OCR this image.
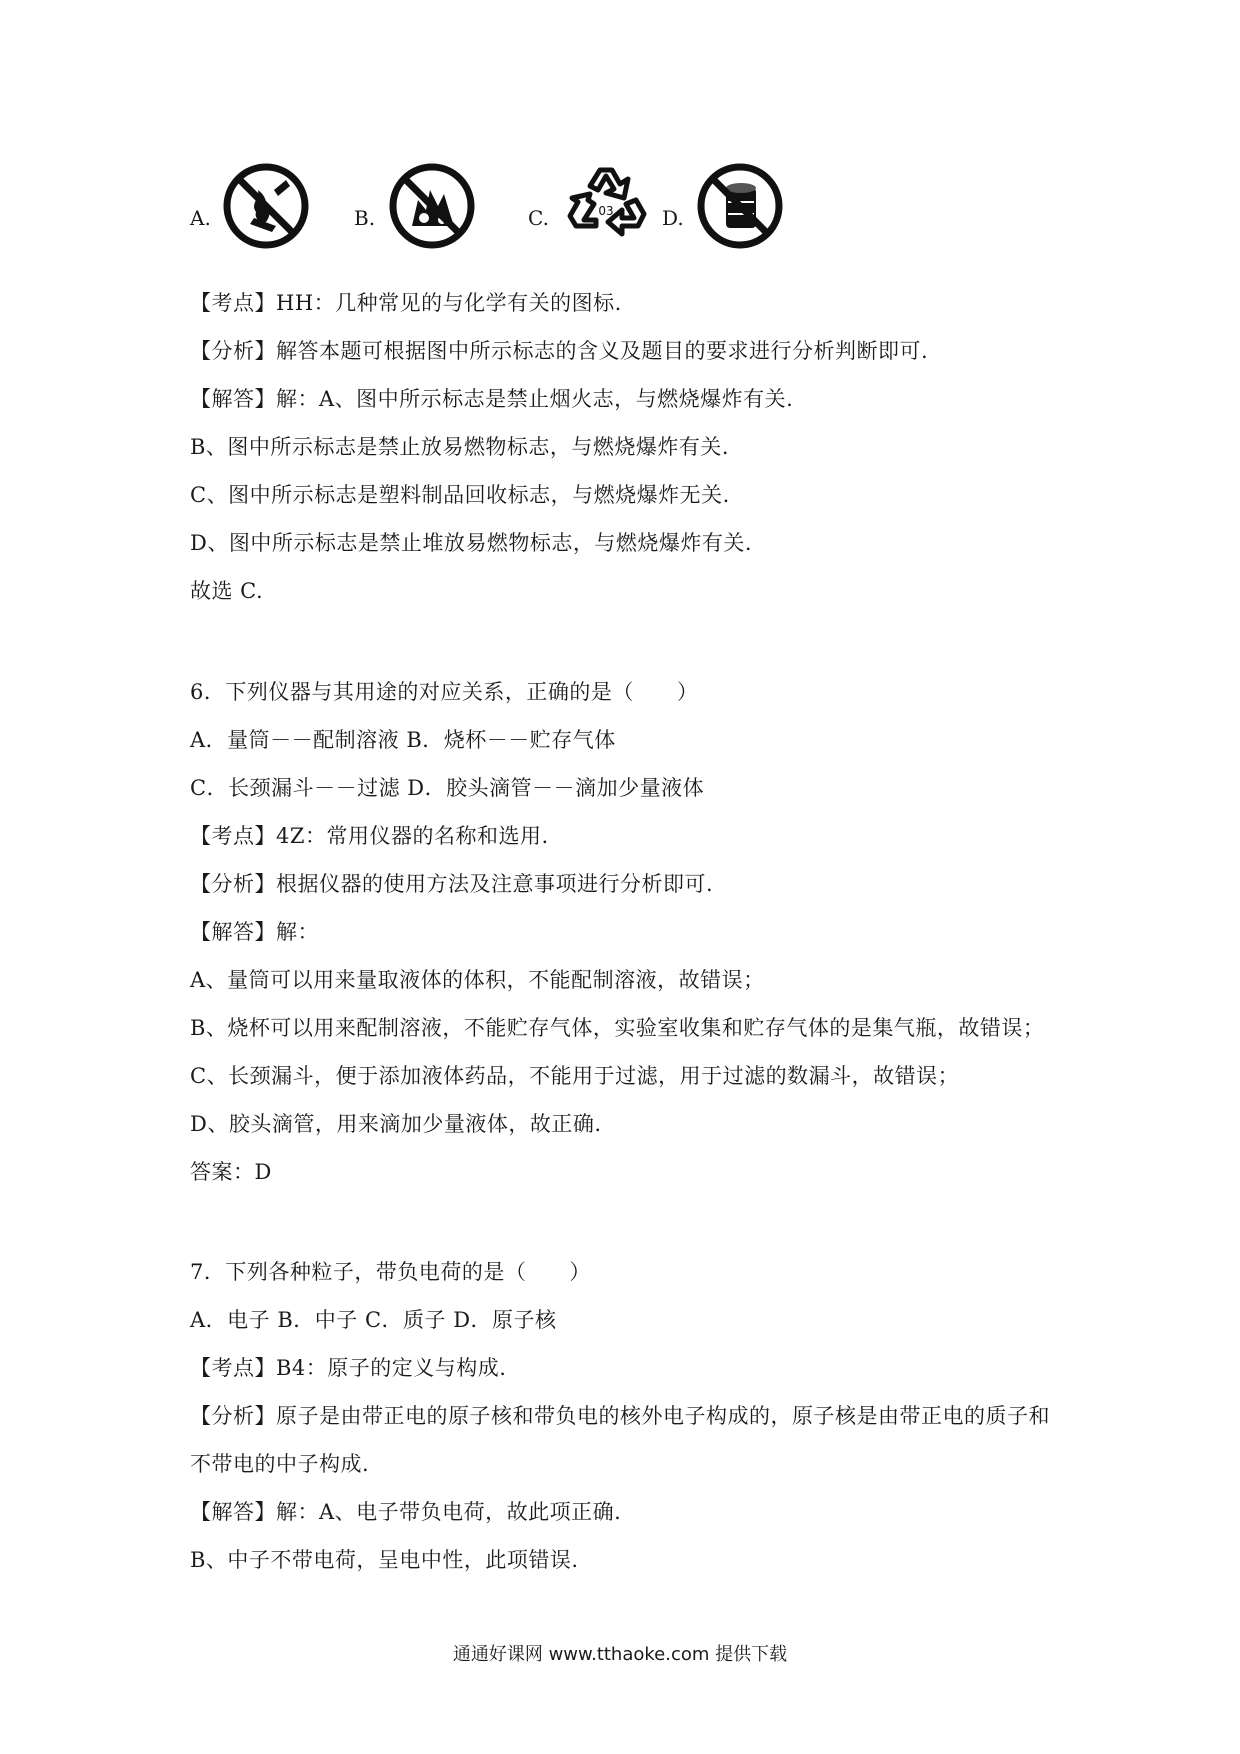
A.	B.	C.	03 D.
【考点】HH：几种常见的与化学有关的图标.
【分析】解答本题可根据图中所示标志的含义及题目的要求进行分析判断即可.
【解答】解：A、图中所示标志是禁止烟火志，与燃烧爆炸有关.
B、图中所示标志是禁止放易燃物标志，与燃烧爆炸有关.
C、图中所示标志是塑料制品回收标志，与燃烧爆炸无关.
D、图中所示标志是禁止堆放易燃物标志，与燃烧爆炸有关.
故选 C.
6．下列仪器与其用途的对应关系，正确的是（　　）
A．量筒－－配制溶液 B．烧杯－－贮存气体
C．长颈漏斗－－过滤 D．胶头滴管－－滴加少量液体
【考点】4Z：常用仪器的名称和选用.
【分析】根据仪器的使用方法及注意事项进行分析即可.
【解答】解：
A、量筒可以用来量取液体的体积，不能配制溶液，故错误；
B、烧杯可以用来配制溶液，不能贮存气体，实验室收集和贮存气体的是集气瓶，故错误；
C、长颈漏斗，便于添加液体药品，不能用于过滤，用于过滤的数漏斗，故错误；
D、胶头滴管，用来滴加少量液体，故正确.
答案：D
7．下列各种粒子，带负电荷的是（　　）
A．电子 B．中子 C．质子 D．原子核
【考点】B4：原子的定义与构成.
【分析】原子是由带正电的原子核和带负电的核外电子构成的，原子核是由带正电的质子和
不带电的中子构成.
【解答】解：A、电子带负电荷，故此项正确.
B、中子不带电荷，呈电中性，此项错误.
通通好课网 www.tthaoke.com 提供下载
